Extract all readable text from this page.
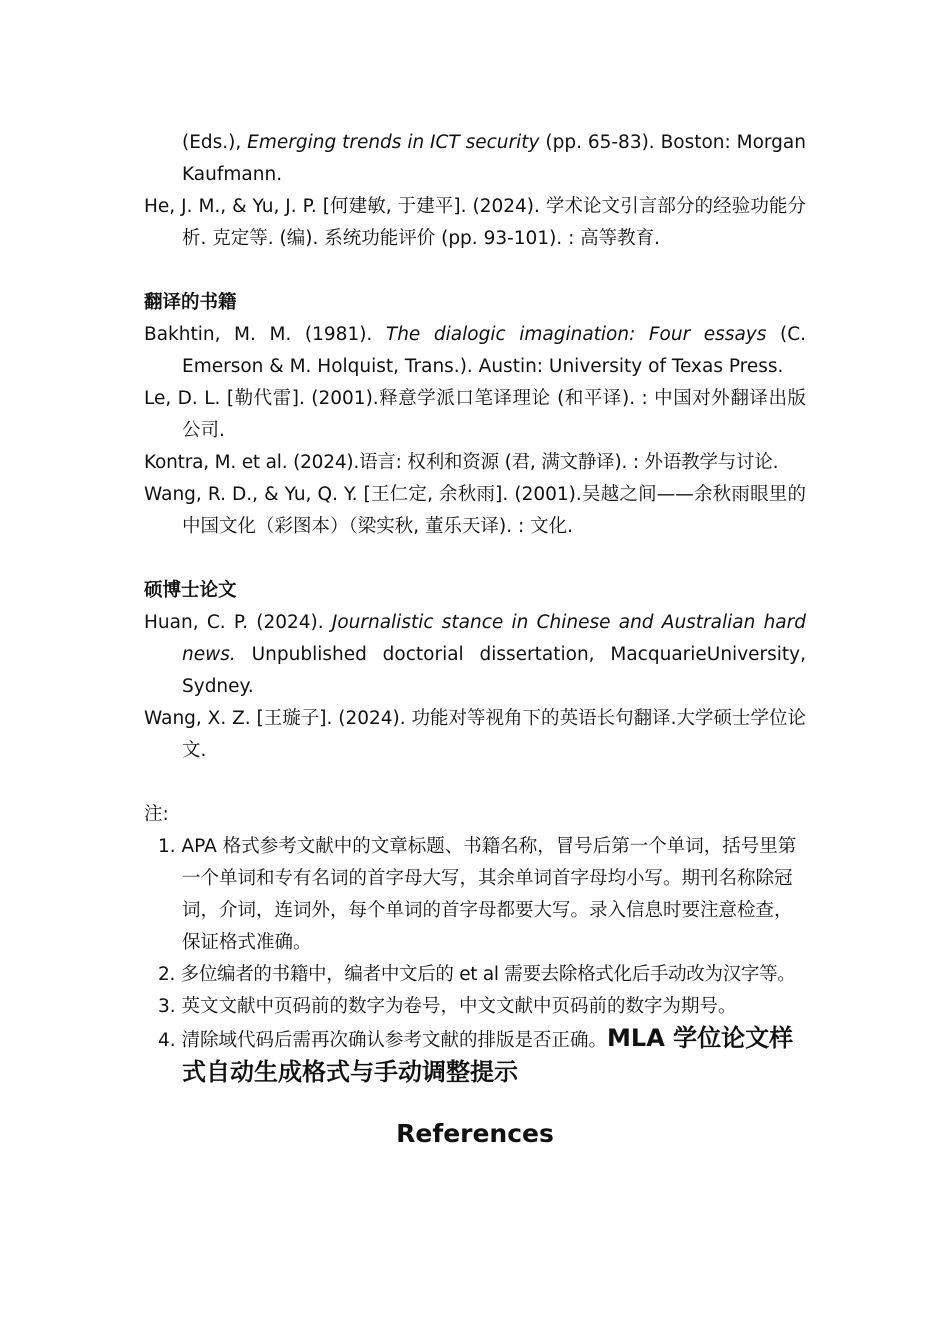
(Eds.), Emerging trends in ICT security (pp. 65-83). Boston: Morgan Kaufmann.

He, J. M., & Yu, J. P. [何建敏, 于建平]. (2024). 学术论文引言部分的经验功能分析. 克定等. (编). 系统功能评价 (pp. 93-101). : 高等教育.

翻译的书籍

Bakhtin, M. M. (1981). The dialogic imagination: Four essays (C. Emerson & M. Holquist, Trans.). Austin: University of Texas Press.

Le, D. L. [勒代雷]. (2001).释意学派口笔译理论 (和平译). : 中国对外翻译出版公司.

Kontra, M. et al. (2024).语言: 权利和资源 (君, 满文静译). : 外语教学与讨论.

Wang, R. D., & Yu, Q. Y. [王仁定, 余秋雨]. (2001).吴越之间——余秋雨眼里的中国文化（彩图本）（梁实秋, 董乐天译). : 文化.

硕博士论文

Huan, C. P. (2024). Journalistic stance in Chinese and Australian hard news. Unpublished doctorial dissertation, MacquarieUniversity, Sydney.

Wang, X. Z. [王璇子]. (2024). 功能对等视角下的英语长句翻译.大学硕士学位论文.

注:

1. APA 格式参考文献中的文章标题、书籍名称，冒号后第一个单词，括号里第一个单词和专有名词的首字母大写，其余单词首字母均小写。期刊名称除冠词，介词，连词外，每个单词的首字母都要大写。录入信息时要注意检查，保证格式准确。

2. 多位编者的书籍中，编者中文后的 et al 需要去除格式化后手动改为汉字等。

3. 英文文献中页码前的数字为卷号，中文文献中页码前的数字为期号。

4. 清除域代码后需再次确认参考文献的排版是否正确。MLA 学位论文样式自动生成格式与手动调整提示

References
